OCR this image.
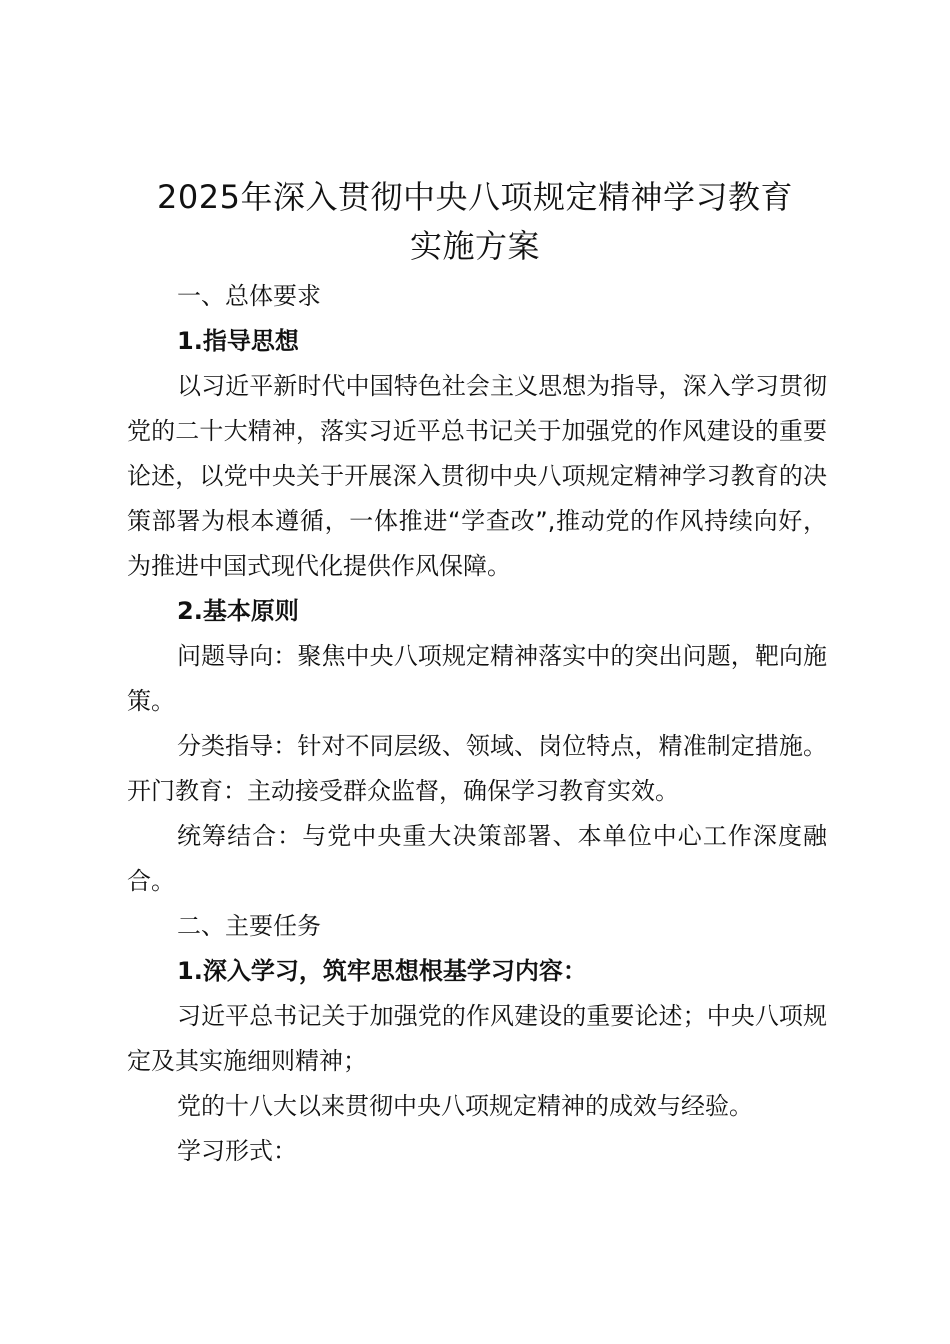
2025年深入贯彻中央八项规定精神学习教育
实施方案

一、总体要求

1.指导思想

以习近平新时代中国特色社会主义思想为指导，深入学习贯彻党的二十大精神，落实习近平总书记关于加强党的作风建设的重要论述，以党中央关于开展深入贯彻中央八项规定精神学习教育的决策部署为根本遵循，一体推进“学查改”,推动党的作风持续向好，为推进中国式现代化提供作风保障。

2.基本原则

问题导向：聚焦中央八项规定精神落实中的突出问题，靶向施策。

分类指导：针对不同层级、领域、岗位特点，精准制定措施。开门教育：主动接受群众监督，确保学习教育实效。

统筹结合：与党中央重大决策部署、本单位中心工作深度融合。

二、主要任务

1.深入学习，筑牢思想根基学习内容：

习近平总书记关于加强党的作风建设的重要论述；中央八项规定及其实施细则精神；

党的十八大以来贯彻中央八项规定精神的成效与经验。

学习形式：
